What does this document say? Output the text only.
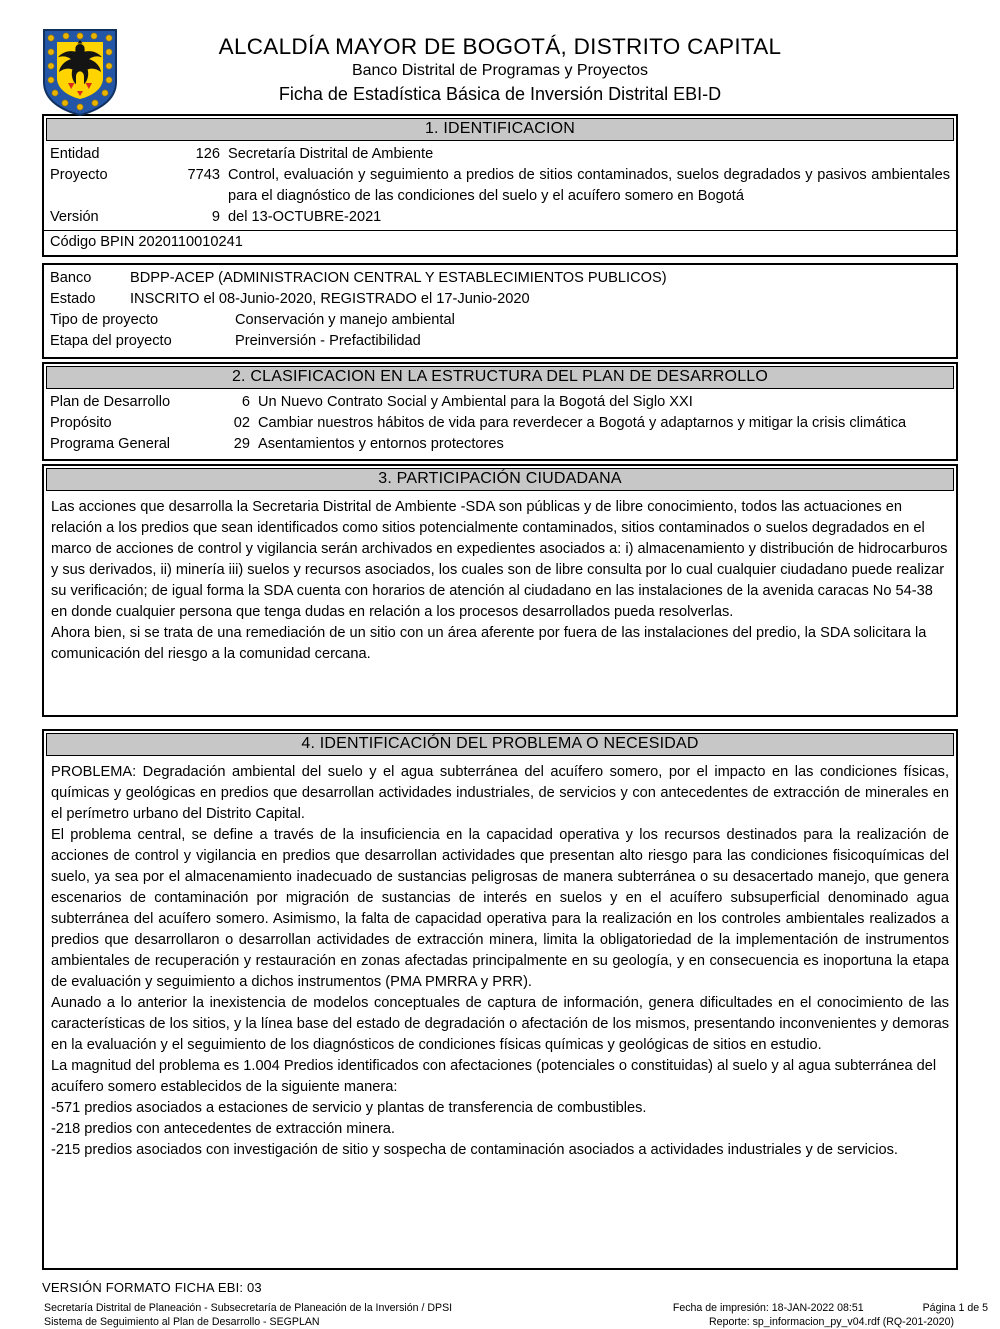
ALCALDÍA MAYOR DE BOGOTÁ, DISTRITO CAPITAL
Banco Distrital de Programas y Proyectos
Ficha de Estadística Básica de Inversión Distrital EBI-D
1. IDENTIFICACION
Entidad	126 Secretaría Distrital de Ambiente
Proyecto	7743 Control, evaluación y seguimiento a predios de sitios contaminados, suelos degradados y pasivos ambientales para el diagnóstico de las condiciones del suelo y el acuífero somero en Bogotá
Versión	9 del 13-OCTUBRE-2021
Código BPIN 2020110010241
Banco	BDPP-ACEP (ADMINISTRACION CENTRAL Y ESTABLECIMIENTOS PUBLICOS)
Estado	INSCRITO el 08-Junio-2020, REGISTRADO el 17-Junio-2020
Tipo de proyecto	Conservación y manejo ambiental
Etapa del proyecto	Preinversión - Prefactibilidad
2. CLASIFICACION EN LA ESTRUCTURA DEL PLAN DE DESARROLLO
Plan de Desarrollo	6 Un Nuevo Contrato Social y Ambiental para la Bogotá del Siglo XXI
Propósito	02 Cambiar nuestros hábitos de vida para reverdecer a Bogotá y adaptarnos y mitigar la crisis climática
Programa General	29 Asentamientos y entornos protectores
3. PARTICIPACIÓN CIUDADANA

Las acciones que desarrolla la Secretaria Distrital de Ambiente -SDA son públicas y de libre conocimiento, todos las actuaciones en relación a los predios que sean identificados como sitios potencialmente contaminados, sitios contaminados o suelos degradados en el marco de acciones de control y vigilancia serán archivados en expedientes asociados a: i) almacenamiento y distribución de hidrocarburos y sus derivados, ii) minería iii) suelos y recursos asociados, los cuales son de libre consulta por lo cual cualquier ciudadano puede realizar su verificación; de igual forma la SDA cuenta con horarios de atención al ciudadano en las instalaciones de la avenida caracas No 54-38 en donde cualquier persona que tenga dudas en relación a los procesos desarrollados pueda resolverlas.

Ahora bien, si se trata de una remediación de un sitio con un área aferente por fuera de las instalaciones del predio, la SDA solicitara la comunicación del riesgo a la comunidad cercana.

4. IDENTIFICACIÓN DEL PROBLEMA O NECESIDAD

PROBLEMA: Degradación ambiental del suelo y el agua subterránea del acuífero somero, por el impacto en las condiciones físicas, químicas y geológicas en predios que desarrollan actividades industriales, de servicios y con antecedentes de extracción de minerales en el perímetro urbano del Distrito Capital.

El problema central, se define a través de la insuficiencia en la capacidad operativa y los recursos destinados para la realización de acciones de control y vigilancia en predios que desarrollan actividades que presentan alto riesgo para las condiciones fisicoquímicas del suelo, ya sea por el almacenamiento inadecuado de sustancias peligrosas de manera subterránea o su desacertado manejo, que genera escenarios de contaminación por migración de sustancias de interés en suelos y en el acuífero subsuperficial denominado agua subterránea del acuífero somero. Asimismo, la falta de capacidad operativa para la realización en los controles ambientales realizados a predios que desarrollaron o desarrollan actividades de extracción minera, limita la obligatoriedad de la implementación de instrumentos ambientales de recuperación y restauración en zonas afectadas principalmente en su geología, y en consecuencia es inoportuna la etapa de evaluación y seguimiento a dichos instrumentos (PMA PMRRA y PRR).

Aunado a lo anterior la inexistencia de modelos conceptuales de captura de información, genera dificultades en el conocimiento de las características de los sitios, y la línea base del estado de degradación o afectación de los mismos, presentando inconvenientes y demoras en la evaluación y el seguimiento de los diagnósticos de condiciones físicas químicas y geológicas de sitios en estudio.

La magnitud del problema es 1.004 Predios identificados con afectaciones (potenciales o constituidas) al suelo y al agua subterránea del acuífero somero establecidos de la siguiente manera:

-571 predios asociados a estaciones de servicio y plantas de transferencia de combustibles.
-218 predios con antecedentes de extracción minera.
-215 predios asociados con investigación de sitio y sospecha de contaminación asociados a actividades industriales y de servicios.
VERSIÓN FORMATO FICHA EBI: 03
Secretaría Distrital de Planeación - Subsecretaría de Planeación de la Inversión / DPSI
Sistema de Seguimiento al Plan de Desarrollo - SEGPLAN
Fecha de impresión: 18-JAN-2022 08:51	Página 1 de 5
Reporte: sp_informacion_py_v04.rdf (RQ-201-2020)
